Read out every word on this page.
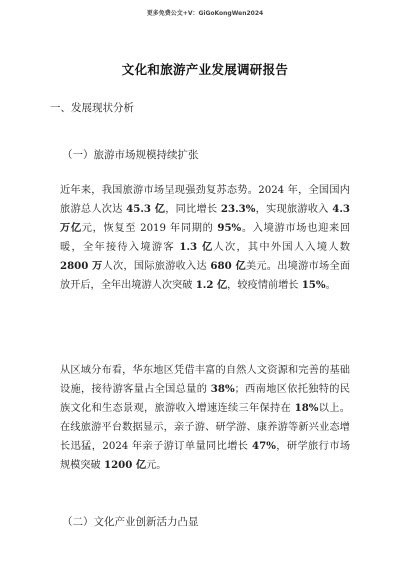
更多免费公文+V：GiGoKongWen2024
文化和旅游产业发展调研报告
一、发展现状分析
（一）旅游市场规模持续扩张
近年来，我国旅游市场呈现强劲复苏态势。2024 年，全国国内旅游总人次达 45.3 亿，同比增长 23.3%，实现旅游收入 4.3 万亿元，恢复至 2019 年同期的 95%。入境游市场也迎来回暖，全年接待入境游客 1.3 亿人次，其中外国人入境人数 2800 万人次，国际旅游收入达 680 亿美元。出境游市场全面放开后，全年出境游人次突破 1.2 亿，较疫情前增长 15%。
从区域分布看，华东地区凭借丰富的自然人文资源和完善的基础设施，接待游客量占全国总量的 38%；西南地区依托独特的民族文化和生态景观，旅游收入增速连续三年保持在 18%以上。在线旅游平台数据显示，亲子游、研学游、康养游等新兴业态增长迅猛，2024 年亲子游订单量同比增长 47%，研学旅行市场规模突破 1200 亿元。
（二）文化产业创新活力凸显
